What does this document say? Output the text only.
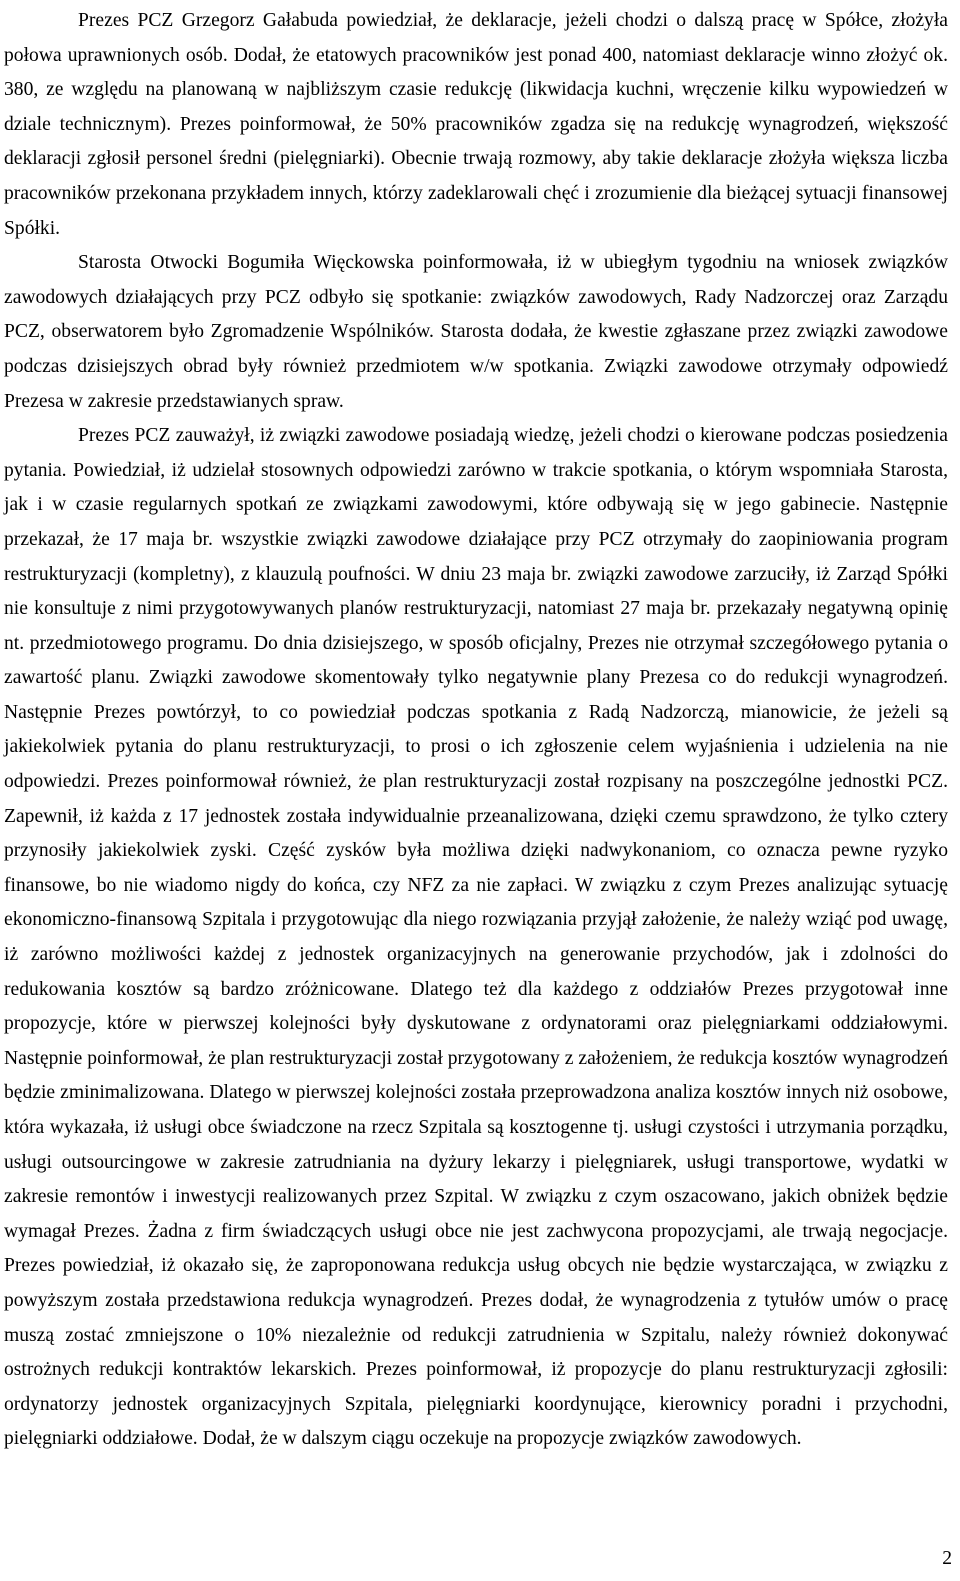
Prezes PCZ Grzegorz Gałabuda powiedział, że deklaracje, jeżeli chodzi o dalszą pracę w Spółce, złożyła połowa uprawnionych osób. Dodał, że etatowych pracowników jest ponad 400, natomiast deklaracje winno złożyć ok. 380, ze względu na planowaną w najbliższym czasie redukcję (likwidacja kuchni, wręczenie kilku wypowiedzeń w dziale technicznym). Prezes poinformował, że 50% pracowników zgadza się na redukcję wynagrodzeń, większość deklaracji zgłosił personel średni (pielęgniarki). Obecnie trwają rozmowy, aby takie deklaracje złożyła większa liczba pracowników przekonana przykładem innych, którzy zadeklarowali chęć i zrozumienie dla bieżącej sytuacji finansowej Spółki.

Starosta Otwocki Bogumiła Więckowska poinformowała, iż w ubiegłym tygodniu na wniosek związków zawodowych działających przy PCZ odbyło się spotkanie: związków zawodowych, Rady Nadzorczej oraz Zarządu PCZ, obserwatorem było Zgromadzenie Wspólników. Starosta dodała, że kwestie zgłaszane przez związki zawodowe podczas dzisiejszych obrad były również przedmiotem w/w spotkania. Związki zawodowe otrzymały odpowiedź Prezesa w zakresie przedstawianych spraw.

Prezes PCZ zauważył, iż związki zawodowe posiadają wiedzę, jeżeli chodzi o kierowane podczas posiedzenia pytania. Powiedział, iż udzielał stosownych odpowiedzi zarówno w trakcie spotkania, o którym wspomniała Starosta, jak i w czasie regularnych spotkań ze związkami zawodowymi, które odbywają się w jego gabinecie. Następnie przekazał, że 17 maja br. wszystkie związki zawodowe działające przy PCZ otrzymały do zaopiniowania program restrukturyzacji (kompletny), z klauzulą poufności. W dniu 23 maja br. związki zawodowe zarzuciły, iż Zarząd Spółki nie konsultuje z nimi przygotowywanych planów restrukturyzacji, natomiast 27 maja br. przekazały negatywną opinię nt. przedmiotowego programu. Do dnia dzisiejszego, w sposób oficjalny, Prezes nie otrzymał szczegółowego pytania o zawartość planu. Związki zawodowe skomentowały tylko negatywnie plany Prezesa co do redukcji wynagrodzeń. Następnie Prezes powtórzył, to co powiedział podczas spotkania z Radą Nadzorczą, mianowicie, że jeżeli są jakiekolwiek pytania do planu restrukturyzacji, to prosi o ich zgłoszenie celem wyjaśnienia i udzielenia na nie odpowiedzi. Prezes poinformował również, że plan restrukturyzacji został rozpisany na poszczególne jednostki PCZ. Zapewnił, iż każda z 17 jednostek została indywidualnie przeanalizowana, dzięki czemu sprawdzono, że tylko cztery przynosiły jakiekolwiek zyski. Część zysków była możliwa dzięki nadwykonaniom, co oznacza pewne ryzyko finansowe, bo nie wiadomo nigdy do końca, czy NFZ za nie zapłaci. W związku z czym Prezes analizując sytuację ekonomiczno-finansową Szpitala i przygotowując dla niego rozwiązania przyjął założenie, że należy wziąć pod uwagę, iż zarówno możliwości każdej z jednostek organizacyjnych na generowanie przychodów, jak i zdolności do redukowania kosztów są bardzo zróżnicowane. Dlatego też dla każdego z oddziałów Prezes przygotował inne propozycje, które w pierwszej kolejności były dyskutowane z ordynatorami oraz pielęgniarkami oddziałowymi. Następnie poinformował, że plan restrukturyzacji został przygotowany z założeniem, że redukcja kosztów wynagrodzeń będzie zminimalizowana. Dlatego w pierwszej kolejności została przeprowadzona analiza kosztów innych niż osobowe, która wykazała, iż usługi obce świadczone na rzecz Szpitala są kosztogenne tj. usługi czystości i utrzymania porządku, usługi outsourcingowe w zakresie zatrudniania na dyżury lekarzy i pielęgniarek, usługi transportowe, wydatki w zakresie remontów i inwestycji realizowanych przez Szpital. W związku z czym oszacowano, jakich obniżek będzie wymagał Prezes. Żadna z firm świadczących usługi obce nie jest zachwycona propozycjami, ale trwają negocjacje. Prezes powiedział, iż okazało się, że zaproponowana redukcja usług obcych nie będzie wystarczająca, w związku z powyższym została przedstawiona redukcja wynagrodzeń. Prezes dodał, że wynagrodzenia z tytułów umów o pracę muszą zostać zmniejszone o 10% niezależnie od redukcji zatrudnienia w Szpitalu, należy również dokonywać ostrożnych redukcji kontraktów lekarskich. Prezes poinformował, iż propozycje do planu restrukturyzacji zgłosili: ordynatorzy jednostek organizacyjnych Szpitala, pielęgniarki koordynujące, kierownicy poradni i przychodni, pielęgniarki oddziałowe. Dodał, że w dalszym ciągu oczekuje na propozycje związków zawodowych.

2
